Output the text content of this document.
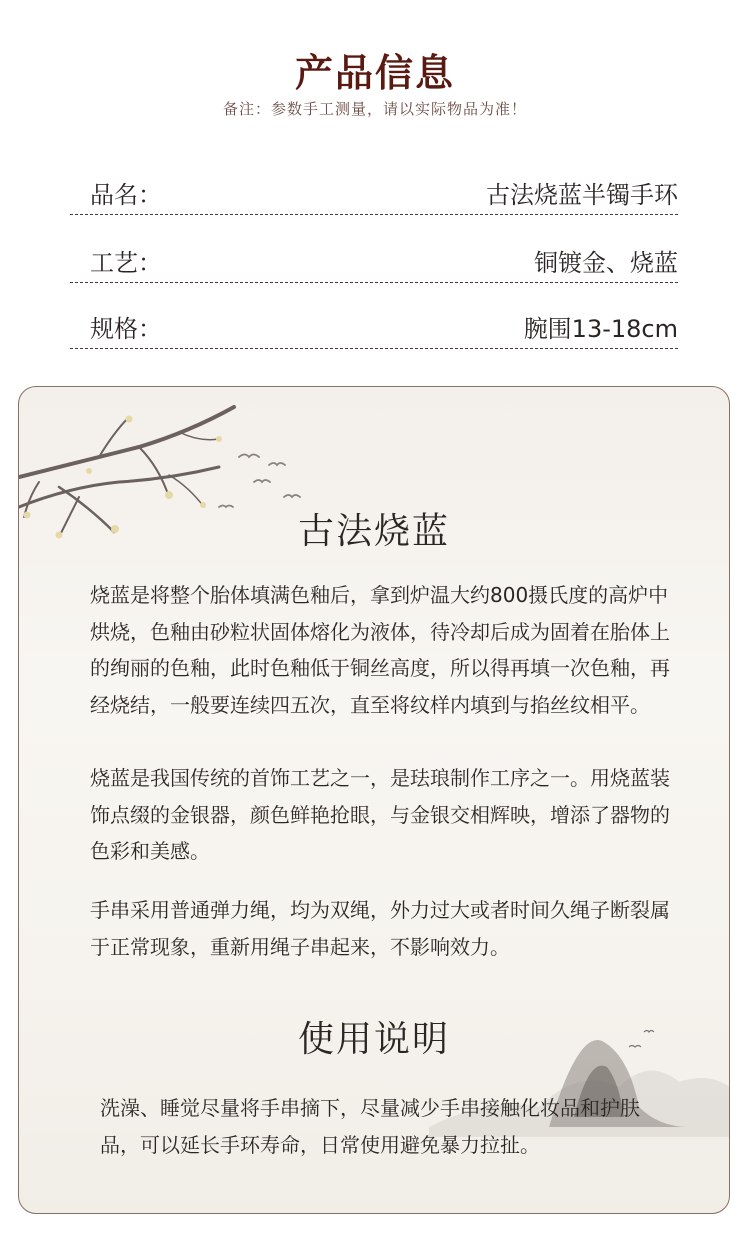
产品信息
备注：参数手工测量，请以实际物品为准！
品名：	古法烧蓝半镯手环
工艺：	铜镀金、烧蓝
规格：	腕围13-18cm
古法烧蓝

烧蓝是将整个胎体填满色釉后，拿到炉温大约800摄氏度的高炉中烘烧，色釉由砂粒状固体熔化为液体，待冷却后成为固着在胎体上的绚丽的色釉，此时色釉低于铜丝高度，所以得再填一次色釉，再经烧结，一般要连续四五次，直至将纹样内填到与掐丝纹相平。

烧蓝是我国传统的首饰工艺之一，是珐琅制作工序之一。用烧蓝装饰点缀的金银器，颜色鲜艳抢眼，与金银交相辉映，增添了器物的色彩和美感。

手串采用普通弹力绳，均为双绳，外力过大或者时间久绳子断裂属于正常现象，重新用绳子串起来，不影响效力。

使用说明

洗澡、睡觉尽量将手串摘下，尽量减少手串接触化妆品和护肤品，可以延长手环寿命，日常使用避免暴力拉扯。
